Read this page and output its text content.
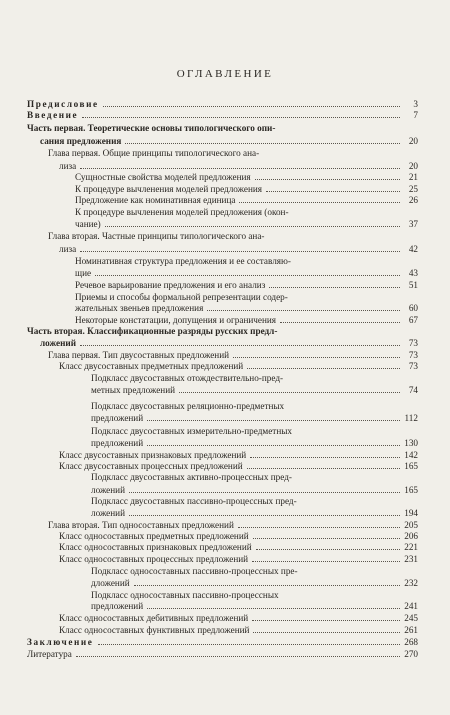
ОГЛАВЛЕНИЕ
Предисловие	3
Введение	7
Часть первая. Теоретические основы типологического опи-
сания предложения	20
Глава первая. Общие принципы типологического ана-
лиза	20
Сущностные свойства моделей предложения	21
К процедуре вычленения моделей предложения	25
Предложение как номинативная единица	26
К процедуре вычленения моделей предложения (окон-
чание)	37
Глава вторая. Частные принципы типологического ана-
лиза	42
Номинативная структура предложения и ее составляю-
щие	43
Речевое варьирование предложения и его анализ	51
Приемы и способы формальной репрезентации содер-
жательных звеньев предложения	60
Некоторые констатации, допущения и ограничения	67
Часть вторая. Классификационные разряды русских предл-
ложений	73
Глава первая. Тип двусоставных предложений	73
Класс двусоставных предметных предложений	73
Подкласс двусоставных отождествительно-пред-
метных предложений	74
Подкласс двусоставных реляционно-предметных
предложений	112
Подкласс двусоставных измерительно-предметных
предложений	130
Класс двусоставных признаковых предложений	142
Класс двусоставных процессных предложений	165
Подкласс двусоставных активно-процессных пред-
ложений	165
Подкласс двусоставных пассивно-процессных пред-
ложений	194
Глава вторая. Тип односоставных предложений	205
Класс односоставных предметных предложений	206
Класс односоставных признаковых предложений	221
Класс односоставных процессных предложений	231
Подкласс односоставных пассивно-процессных пре-
дложений	232
Подкласс односоставных пассивно-процессных
предложений	241
Класс односоставных дебитивных предложений	245
Класс односоставных функтивных предложений	261
Заключение	268
Литература	270
